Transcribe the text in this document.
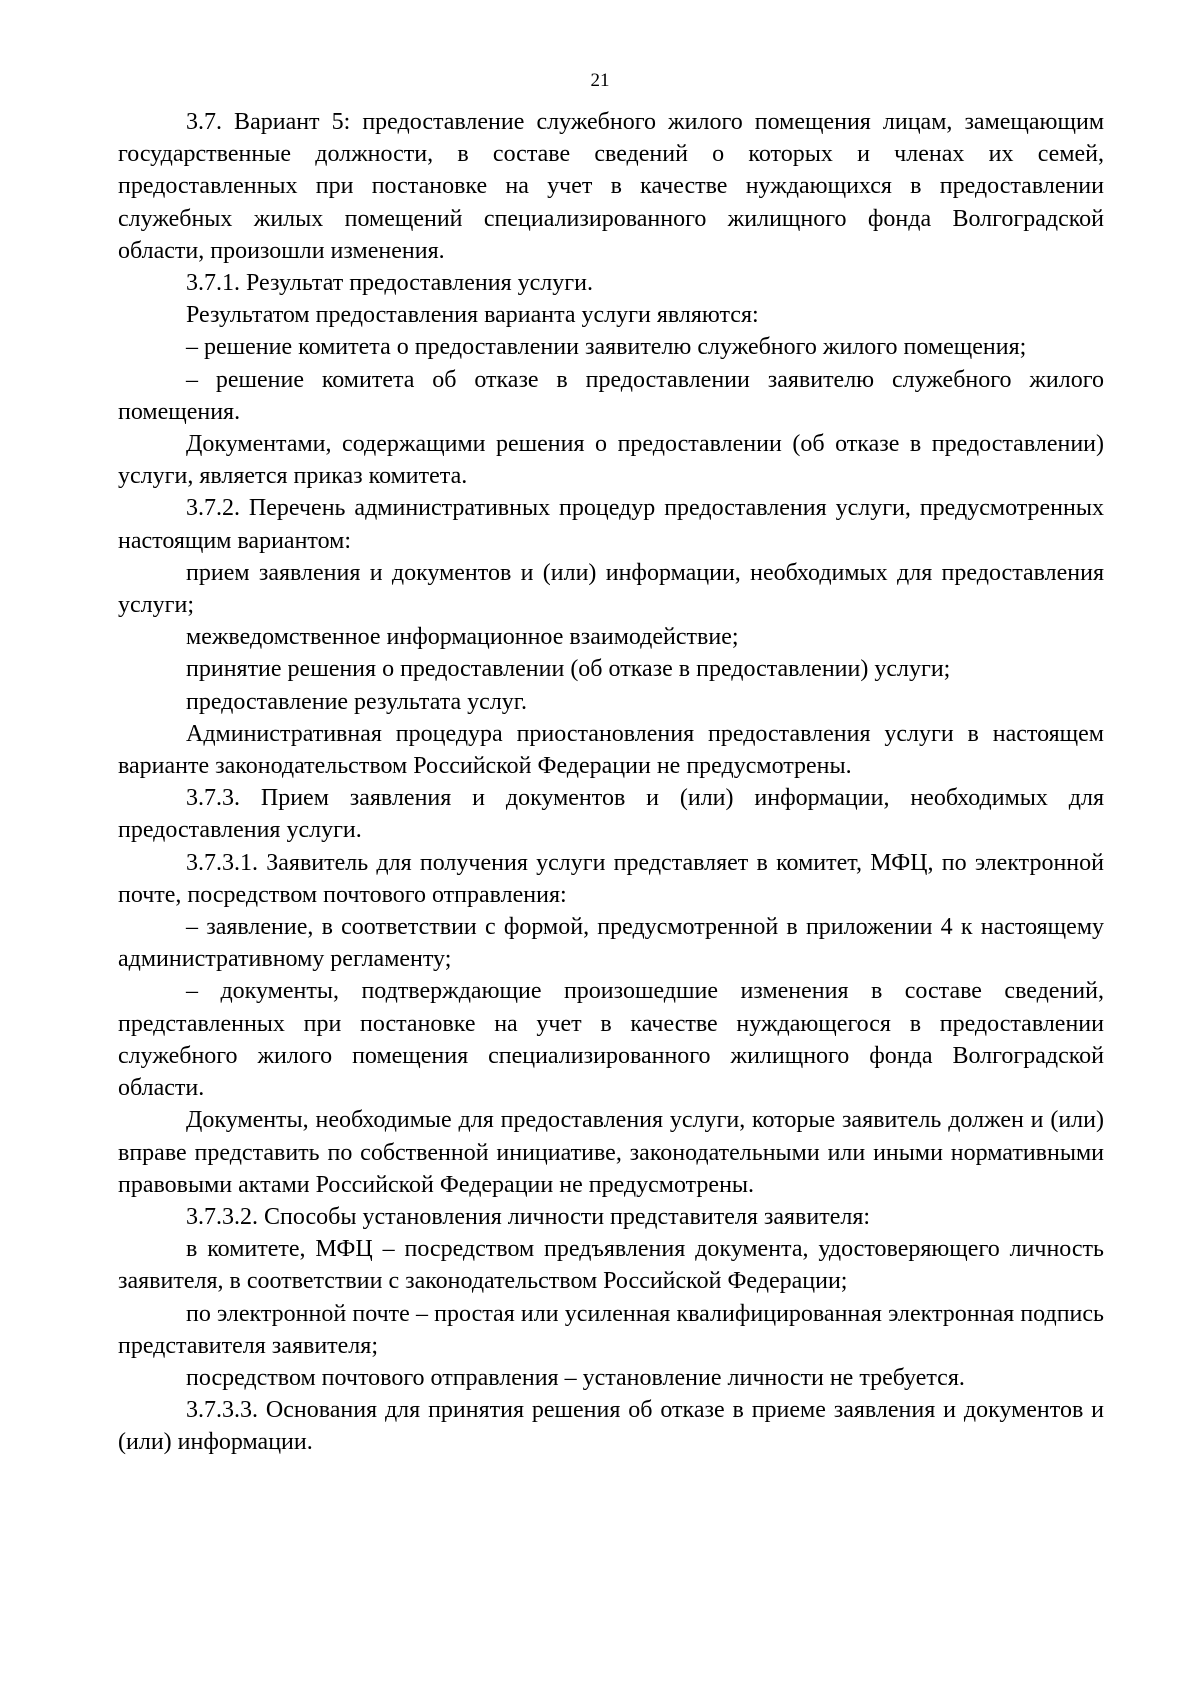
21

3.7. Вариант 5: предоставление служебного жилого помещения лицам, замещающим государственные должности, в составе сведений о которых и членах их семей, предоставленных при постановке на учет в качестве нуждающихся в предоставлении служебных жилых помещений специализированного жилищного фонда Волгоградской области, произошли изменения.

3.7.1. Результат предоставления услуги.

Результатом предоставления варианта услуги являются:

– решение комитета о предоставлении заявителю служебного жилого помещения;

– решение комитета об отказе в предоставлении заявителю служебного жилого помещения.

Документами, содержащими решения о предоставлении (об отказе в предоставлении) услуги, является приказ комитета.

3.7.2. Перечень административных процедур предоставления услуги, предусмотренных настоящим вариантом:

прием заявления и документов и (или) информации, необходимых для предоставления услуги;

межведомственное информационное взаимодействие;

принятие решения о предоставлении (об отказе в предоставлении) услуги;

предоставление результата услуг.

Административная процедура приостановления предоставления услуги в настоящем варианте законодательством Российской Федерации не предусмотрены.

3.7.3. Прием заявления и документов и (или) информации, необходимых для предоставления услуги.

3.7.3.1. Заявитель для получения услуги представляет в комитет, МФЦ, по электронной почте, посредством почтового отправления:

– заявление, в соответствии с формой, предусмотренной в приложении 4 к настоящему административному регламенту;

– документы, подтверждающие произошедшие изменения в составе сведений, представленных при постановке на учет в качестве нуждающегося в предоставлении служебного жилого помещения специализированного жилищного фонда Волгоградской области.

Документы, необходимые для предоставления услуги, которые заявитель должен и (или) вправе представить по собственной инициативе, законодательными или иными нормативными правовыми актами Российской Федерации не предусмотрены.

3.7.3.2. Способы установления личности представителя заявителя:

в комитете, МФЦ – посредством предъявления документа, удостоверяющего личность заявителя, в соответствии с законодательством Российской Федерации;

по электронной почте – простая или усиленная квалифицированная электронная подпись представителя заявителя;

посредством почтового отправления – установление личности не требуется.

3.7.3.3. Основания для принятия решения об отказе в приеме заявления и документов и (или) информации.
